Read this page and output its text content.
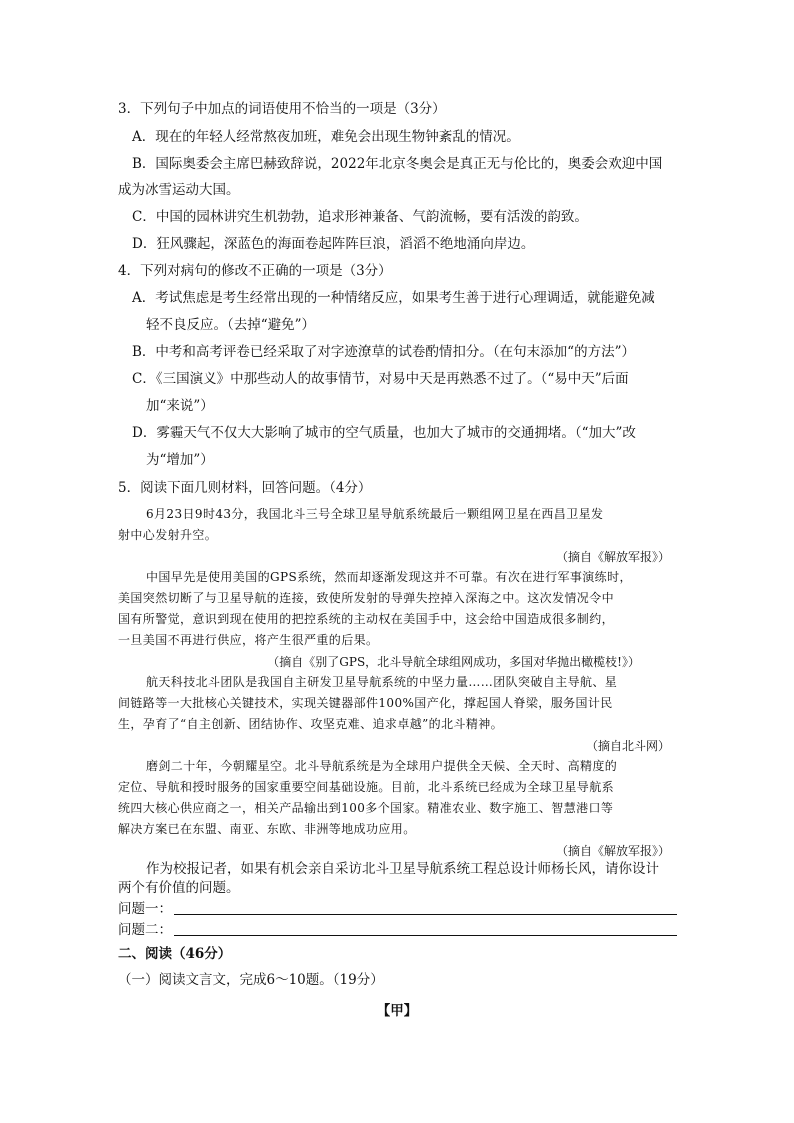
3．下列句子中加点的词语使用不恰当的一项是（3分）
A．现在的年轻人经常熬夜加班，难免会出现生物钟紊乱的情况。
B．国际奥委会主席巴赫致辞说，2022年北京冬奥会是真正无与伦比的，奥委会欢迎中国
成为冰雪运动大国。
C．中国的园林讲究生机勃勃，追求形神兼备、气韵流畅，要有活泼的韵致。
D．狂风骤起，深蓝色的海面卷起阵阵巨浪，滔滔不绝地涌向岸边。
4．下列对病句的修改不正确的一项是（3分）
A．考试焦虑是考生经常出现的一种情绪反应，如果考生善于进行心理调适，就能避免减
轻不良反应。（去掉“避免”）
B．中考和高考评卷已经采取了对字迹潦草的试卷酌情扣分。（在句末添加“的方法”）
C．《三国演义》中那些动人的故事情节，对易中天是再熟悉不过了。（“易中天”后面
加“来说”）
D．雾霾天气不仅大大影响了城市的空气质量，也加大了城市的交通拥堵。（“加大”改
为“增加”）
5．阅读下面几则材料，回答问题。（4分）
6月23日9时43分，我国北斗三号全球卫星导航系统最后一颗组网卫星在西昌卫星发
射中心发射升空。
（摘自《解放军报》）
中国早先是使用美国的GPS系统，然而却逐渐发现这并不可靠。有次在进行军事演练时，
美国突然切断了与卫星导航的连接，致使所发射的导弹失控掉入深海之中。这次发情况令中
国有所警觉，意识到现在使用的把控系统的主动权在美国手中，这会给中国造成很多制约，
一旦美国不再进行供应，将产生很严重的后果。
（摘自《别了GPS，北斗导航全球组网成功，多国对华抛出橄榄枝!》）
航天科技北斗团队是我国自主研发卫星导航系统的中坚力量……团队突破自主导航、星
间链路等一大批核心关键技术，实现关键器部件100%国产化，撑起国人脊梁，服务国计民
生，孕育了“自主创新、团结协作、攻坚克难、追求卓越”的北斗精神。
（摘自北斗网）
磨剑二十年，今朝耀星空。北斗导航系统是为全球用户提供全天候、全天时、高精度的
定位、导航和授时服务的国家重要空间基础设施。目前，北斗系统已经成为全球卫星导航系
统四大核心供应商之一，相关产品输出到100多个国家。精准农业、数字施工、智慧港口等
解决方案已在东盟、南亚、东欧、非洲等地成功应用。
（摘自《解放军报》）
作为校报记者，如果有机会亲自采访北斗卫星导航系统工程总设计师杨长风，请你设计
两个有价值的问题。
问题一：
问题二：
二、阅读（46分）
（一）阅读文言文，完成6～10题。（19分）
【甲】
